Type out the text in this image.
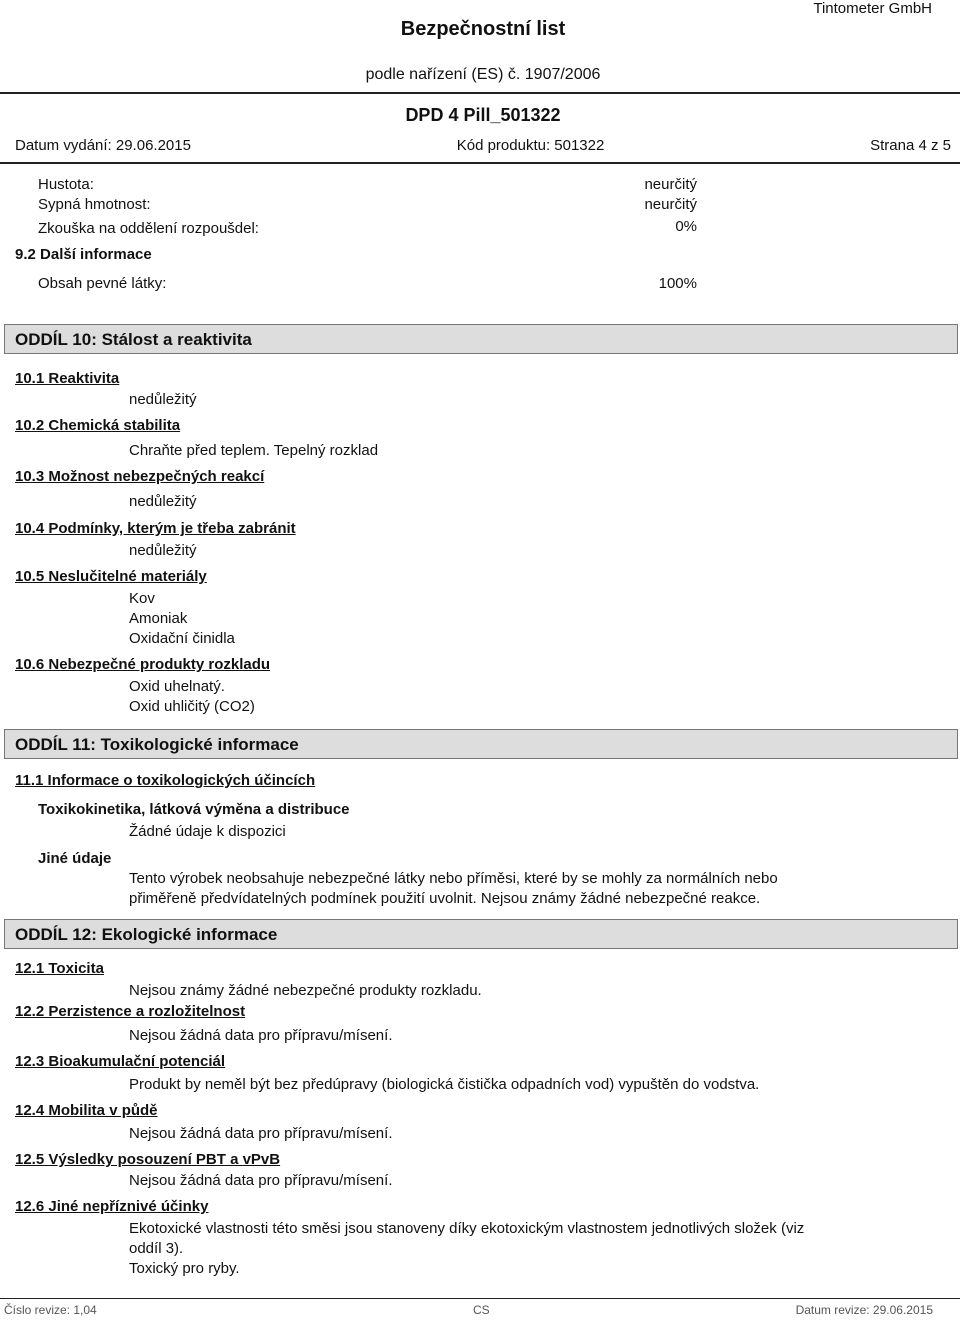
Tintometer GmbH
Bezpečnostní list
podle nařízení (ES) č. 1907/2006
DPD 4 Pill_501322
Datum vydání: 29.06.2015	Kód produktu: 501322	Strana 4 z 5
Hustota:	neurčitý
Sypná hmotnost:	neurčitý
Zkouška na oddělení rozpoušdel:	0%
9.2 Další informace
Obsah pevné látky:	100%
ODDÍL 10: Stálost a reaktivita
10.1 Reaktivita
nedůležitý
10.2 Chemická stabilita
Chraňte před teplem. Tepelný rozklad
10.3 Možnost nebezpečných reakcí
nedůležitý
10.4 Podmínky, kterým je třeba zabránit
nedůležitý
10.5 Neslučitelné materiály
Kov
Amoniak
Oxidační činidla
10.6 Nebezpečné produkty rozkladu
Oxid uhelnatý.
Oxid uhličitý (CO2)
ODDÍL 11: Toxikologické informace
11.1 Informace o toxikologických účincích
Toxikokinetika, látková výměna a distribuce
Žádné údaje k dispozici
Jiné údaje
Tento výrobek neobsahuje nebezpečné látky nebo příměsi, které by se mohly za normálních nebo
přiměřeně předvídatelných podmínek použití uvolnit. Nejsou známy žádné nebezpečné reakce.
ODDÍL 12: Ekologické informace
12.1 Toxicita
Nejsou známy žádné nebezpečné produkty rozkladu.
12.2 Perzistence a rozložitelnost
Nejsou žádná data pro přípravu/mísení.
12.3 Bioakumulační potenciál
Produkt by neměl být bez předúpravy (biologická čistička odpadních vod) vypuštěn do vodstva.
12.4 Mobilita v půdě
Nejsou žádná data pro přípravu/mísení.
12.5 Výsledky posouzení PBT a vPvB
Nejsou žádná data pro přípravu/mísení.
12.6 Jiné nepříznivé účinky
Ekotoxické vlastnosti této směsi jsou stanoveny díky ekotoxickým vlastnostem jednotlivých složek (viz
oddíl 3).
Toxický pro ryby.
Číslo revize: 1,04	CS	Datum revize: 29.06.2015
